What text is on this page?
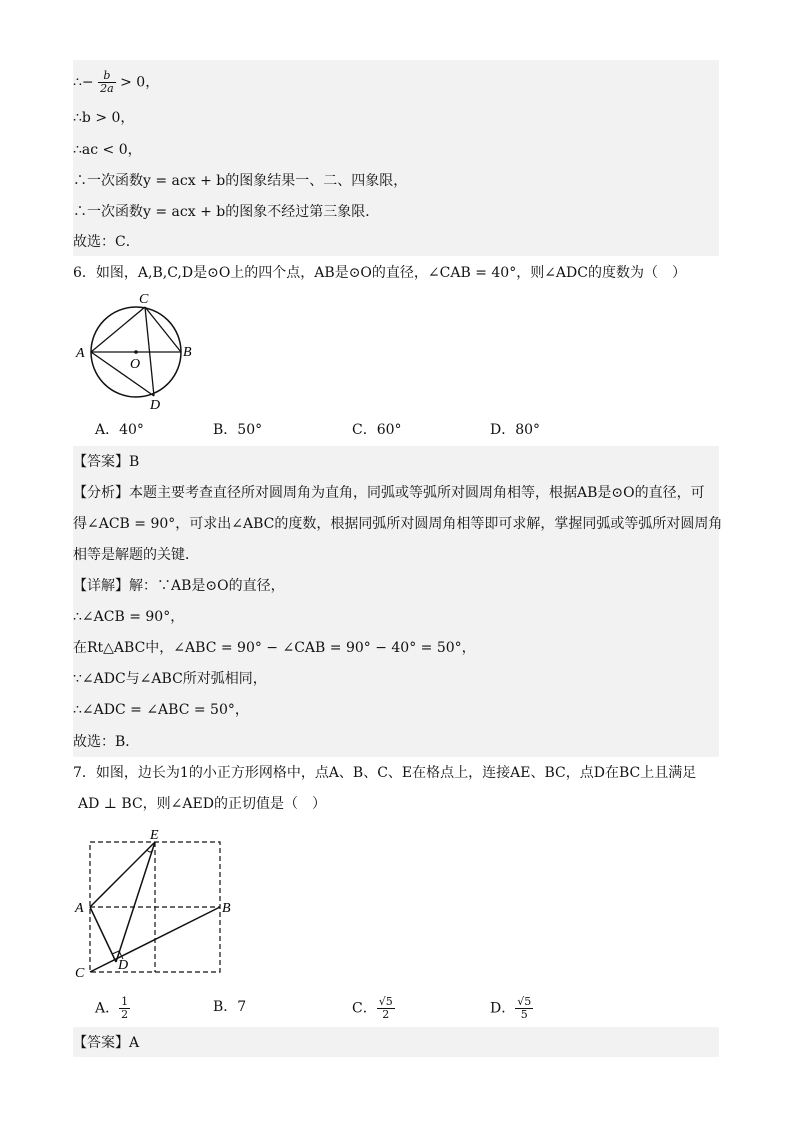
∴− $\frac{b}{2a} > 0$，
∴b > 0，
∴ac < 0，
∴一次函数y = acx + b的图象结果一、二、四象限，
∴一次函数y = acx + b的图象不经过第三象限．
故选：C．
6．如图，A,B,C,D是⊙O上的四个点，AB是⊙O的直径，∠CAB = 40°，则∠ADC的度数为（　）
C
A	B
O
D
A．40°	B．50°	C．60°	D．80°
【答案】B
【分析】本题主要考查直径所对圆周角为直角，同弧或等弧所对圆周角相等，根据AB是⊙O的直径，可
得∠ACB = 90°，可求出∠ABC的度数，根据同弧所对圆周角相等即可求解，掌握同弧或等弧所对圆周角
相等是解题的关键．
【详解】解：∵AB是⊙O的直径，
∴∠ACB = 90°，
在Rt△ABC中，∠ABC = 90° − ∠CAB = 90° − 40° = 50°，
∵∠ADC与∠ABC所对弧相同，
∴∠ADC = ∠ABC = 50°，
故选：B．
7．如图，边长为1的小正方形网格中，点A、B、C、E在格点上，连接AE、BC，点D在BC上且满足
AD ⊥ BC，则∠AED的正切值是（　）
E
A	B
C
D
A． $\frac{1}{2}$	B．7	C． $\frac{√5}{2}$	D． $\frac{√5}{5}$
【答案】A
